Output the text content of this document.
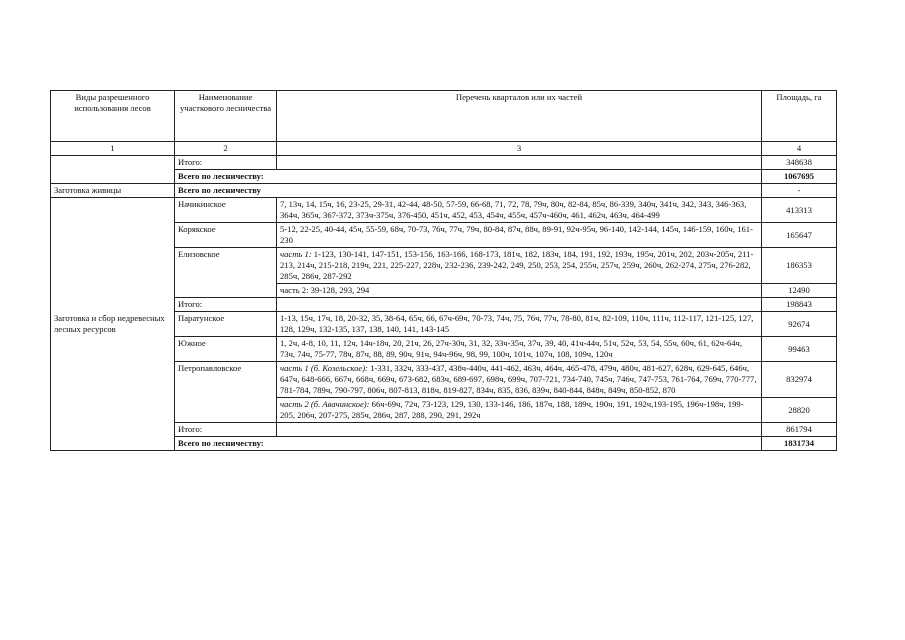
Виды разрешенного использования лесов	Наименование участкового лесничества	Перечень кварталов или их частей	Площадь, га
1	2	3	4
	Итого:		348638
	Всего по лесничеству:		1067695
Заготовка живицы	Всего по лесничеству		-
Заготовка и сбор недревесных лесных ресурсов	Начикинское	7, 13ч, 14, 15ч, 16, 23-25, 29-31, 42-44, 48-50, 57-59, 66-68, 71, 72, 78, 79ч, 80ч, 82-84, 85ч, 86-339, 340ч, 341ч, 342, 343, 346-363, 364ч, 365ч, 367-372, 373ч-375ч, 376-450, 451ч, 452, 453, 454ч, 455ч, 457ч-460ч, 461, 462ч, 463ч, 464-499	413313
	Корякское	5-12, 22-25, 40-44, 45ч, 55-59, 68ч, 70-73, 76ч, 77ч, 79ч, 80-84, 87ч, 88ч, 89-91, 92ч-95ч, 96-140, 142-144, 145ч, 146-159, 160ч, 161-230	165647
	Елизовское	часть 1: 1-123, 130-141, 147-151, 153-156, 163-166, 168-173, 181ч, 182, 183ч, 184, 191, 192, 193ч, 195ч, 201ч, 202, 203ч-205ч, 211-213, 214ч, 215-218, 219ч, 221, 225-227, 228ч, 232-236, 239-242, 249, 250, 253, 254, 255ч, 257ч, 259ч, 260ч, 262-274, 275ч, 276-282, 285ч, 286ч, 287-292	186353
		часть 2: 39-128, 293, 294	12490
	Итого:		198843
	Паратунское	1-13, 15ч, 17ч, 18, 20-32, 35, 38-64, 65ч, 66, 67ч-69ч, 70-73, 74ч, 75, 76ч, 77ч, 78-80, 81ч, 82-109, 110ч, 111ч, 112-117, 121-125, 127, 128, 129ч, 132-135, 137, 138, 140, 141, 143-145	92674
	Южное	1, 2ч, 4-8, 10, 11, 12ч, 14ч-18ч, 20, 21ч, 26, 27ч-30ч, 31, 32, 33ч-35ч, 37ч, 39, 40, 41ч-44ч, 51ч, 52ч, 53, 54, 55ч, 60ч, 61, 62ч-64ч, 73ч, 74ч, 75-77, 78ч, 87ч, 88, 89, 90ч, 91ч, 94ч-96ч, 98, 99, 100ч, 101ч, 107ч, 108, 109ч, 120ч	99463
	Петропавловское	часть 1 (б. Козельское): 1-331, 332ч, 333-437, 438ч-440ч, 441-462, 463ч, 464ч, 465-478, 479ч, 480ч, 481-627, 628ч, 629-645, 646ч, 647ч, 648-666, 667ч, 668ч, 669ч, 673-682, 683ч, 689-697, 698ч, 699ч, 707-721, 734-740, 745ч, 746ч, 747-753, 761-764, 769ч, 770-777, 781-784, 789ч, 790-797, 806ч, 807-813, 818ч, 819-827, 834ч, 835, 836, 839ч, 840-844, 848ч, 849ч, 850-852, 870	832974
		часть 2 (б. Авачинское): 66ч-69ч, 72ч, 73-123, 129, 130, 133-146, 186, 187ч, 188, 189ч, 190ч, 191, 192ч,193-195, 196ч-198ч, 199-205, 206ч, 207-275, 285ч, 286ч, 287, 288, 290, 291, 292ч	28820
	Итого:		861794
	Всего по лесничеству:		1831734
